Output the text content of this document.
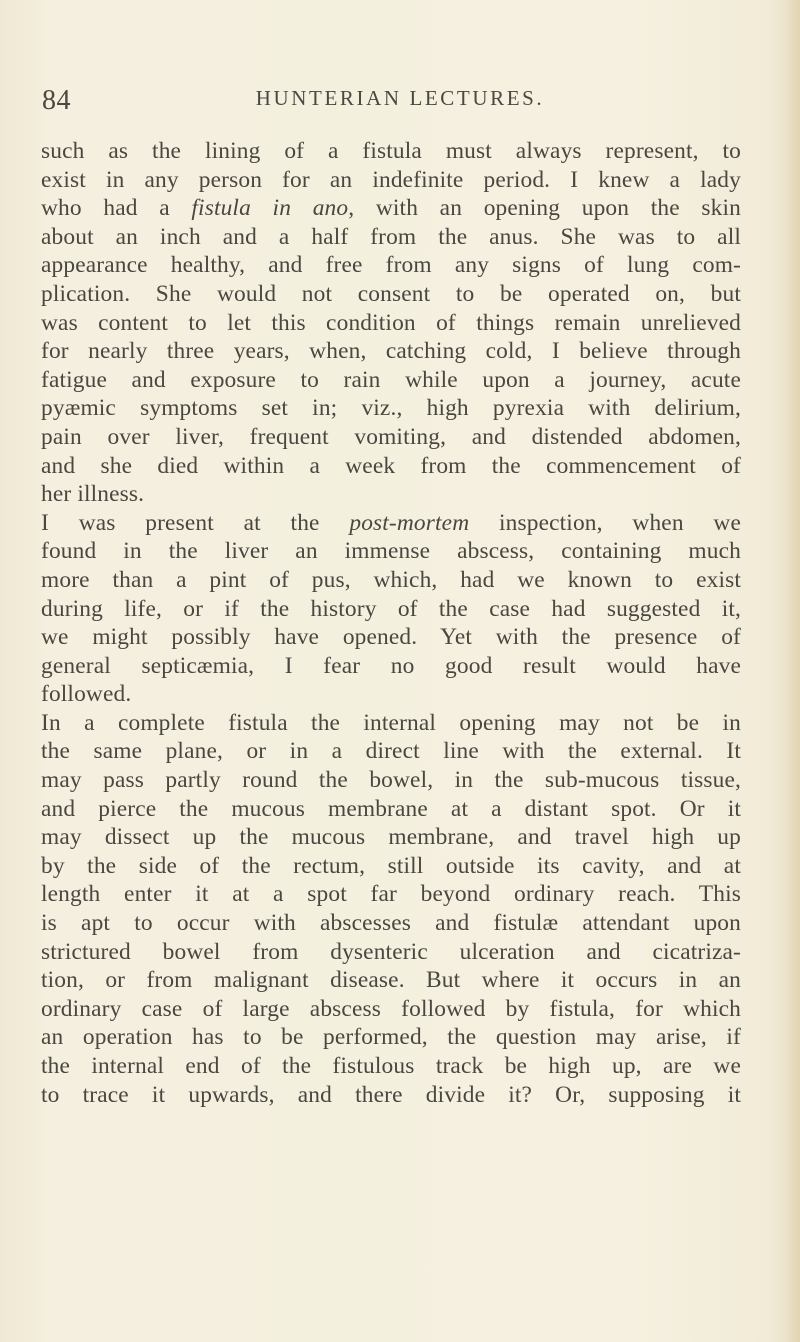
84	HUNTERIAN LECTURES.
such as the lining of a fistula must always represent, to
exist in any person for an indefinite period. I knew a lady
who had a fistula in ano, with an opening upon the skin
about an inch and a half from the anus. She was to all
appearance healthy, and free from any signs of lung com-
plication. She would not consent to be operated on, but
was content to let this condition of things remain unrelieved
for nearly three years, when, catching cold, I believe through
fatigue and exposure to rain while upon a journey, acute
pyæmic symptoms set in; viz., high pyrexia with delirium,
pain over liver, frequent vomiting, and distended abdomen,
and she died within a week from the commencement of
her illness.
I was present at the post-mortem inspection, when we
found in the liver an immense abscess, containing much
more than a pint of pus, which, had we known to exist
during life, or if the history of the case had suggested it,
we might possibly have opened. Yet with the presence of
general septicæmia, I fear no good result would have
followed.
In a complete fistula the internal opening may not be in
the same plane, or in a direct line with the external. It
may pass partly round the bowel, in the sub-mucous tissue,
and pierce the mucous membrane at a distant spot. Or it
may dissect up the mucous membrane, and travel high up
by the side of the rectum, still outside its cavity, and at
length enter it at a spot far beyond ordinary reach. This
is apt to occur with abscesses and fistulæ attendant upon
strictured bowel from dysenteric ulceration and cicatriza-
tion, or from malignant disease. But where it occurs in an
ordinary case of large abscess followed by fistula, for which
an operation has to be performed, the question may arise, if
the internal end of the fistulous track be high up, are we
to trace it upwards, and there divide it? Or, supposing it
